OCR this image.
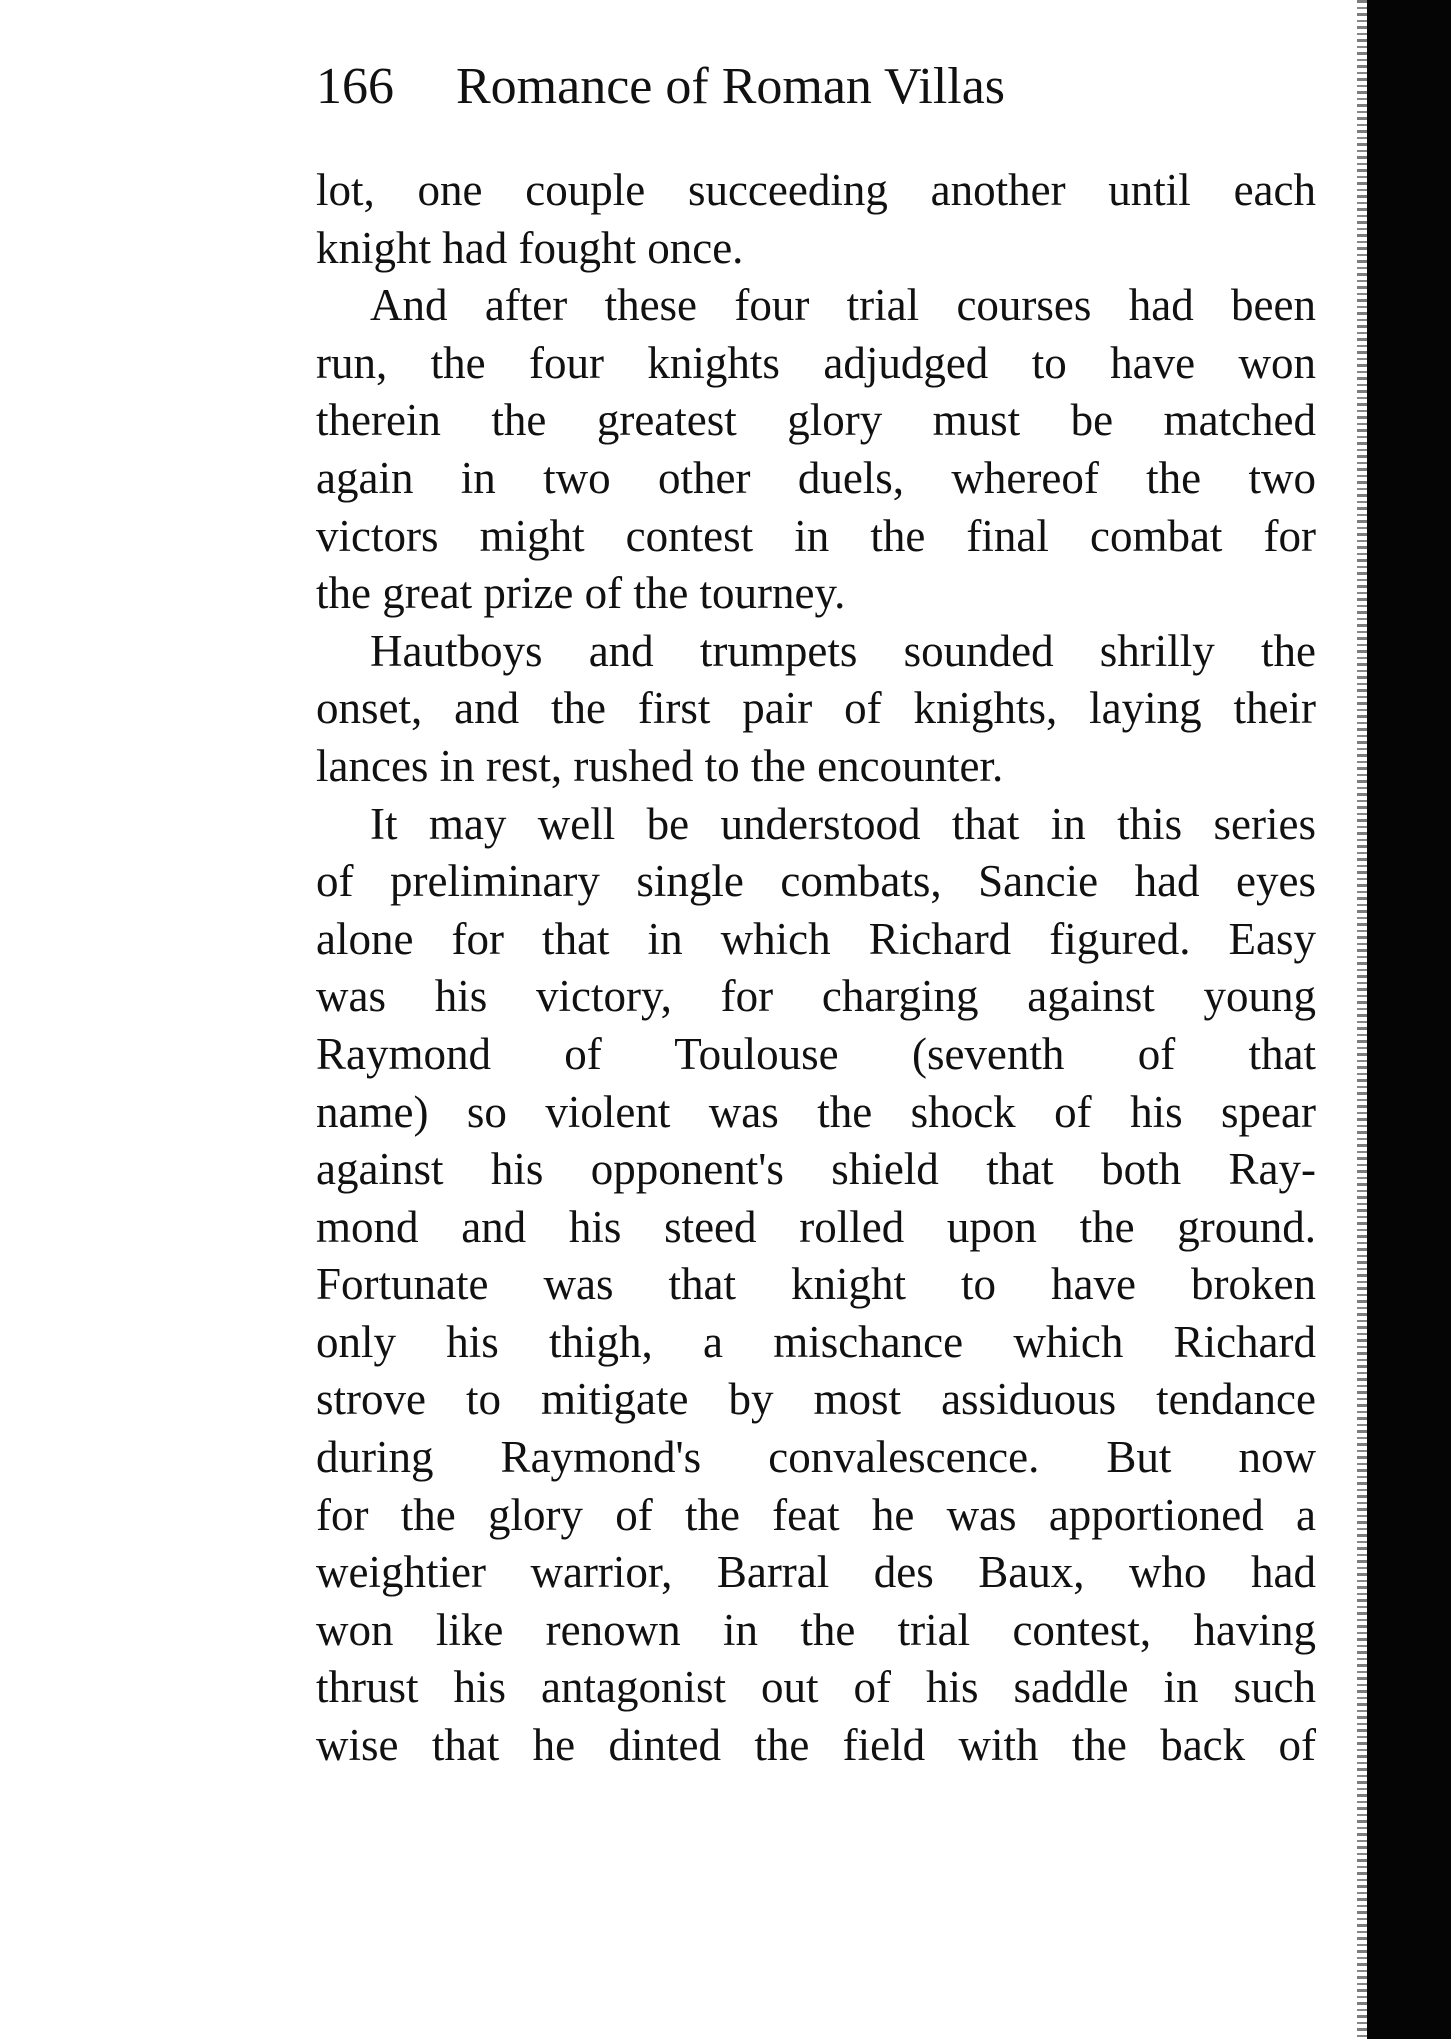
166 Romance of Roman Villas
lot, one couple succeeding another until each
knight had fought once.
And after these four trial courses had been
run, the four knights adjudged to have won
therein the greatest glory must be matched
again in two other duels, whereof the two
victors might contest in the final combat for
the great prize of the tourney.
Hautboys and trumpets sounded shrilly the
onset, and the first pair of knights, laying their
lances in rest, rushed to the encounter.
It may well be understood that in this series
of preliminary single combats, Sancie had eyes
alone for that in which Richard figured. Easy
was his victory, for charging against young
Raymond of Toulouse (seventh of that
name) so violent was the shock of his spear
against his opponent's shield that both Ray-
mond and his steed rolled upon the ground.
Fortunate was that knight to have broken
only his thigh, a mischance which Richard
strove to mitigate by most assiduous tendance
during Raymond's convalescence. But now
for the glory of the feat he was apportioned a
weightier warrior, Barral des Baux, who had
won like renown in the trial contest, having
thrust his antagonist out of his saddle in such
wise that he dinted the field with the back of
